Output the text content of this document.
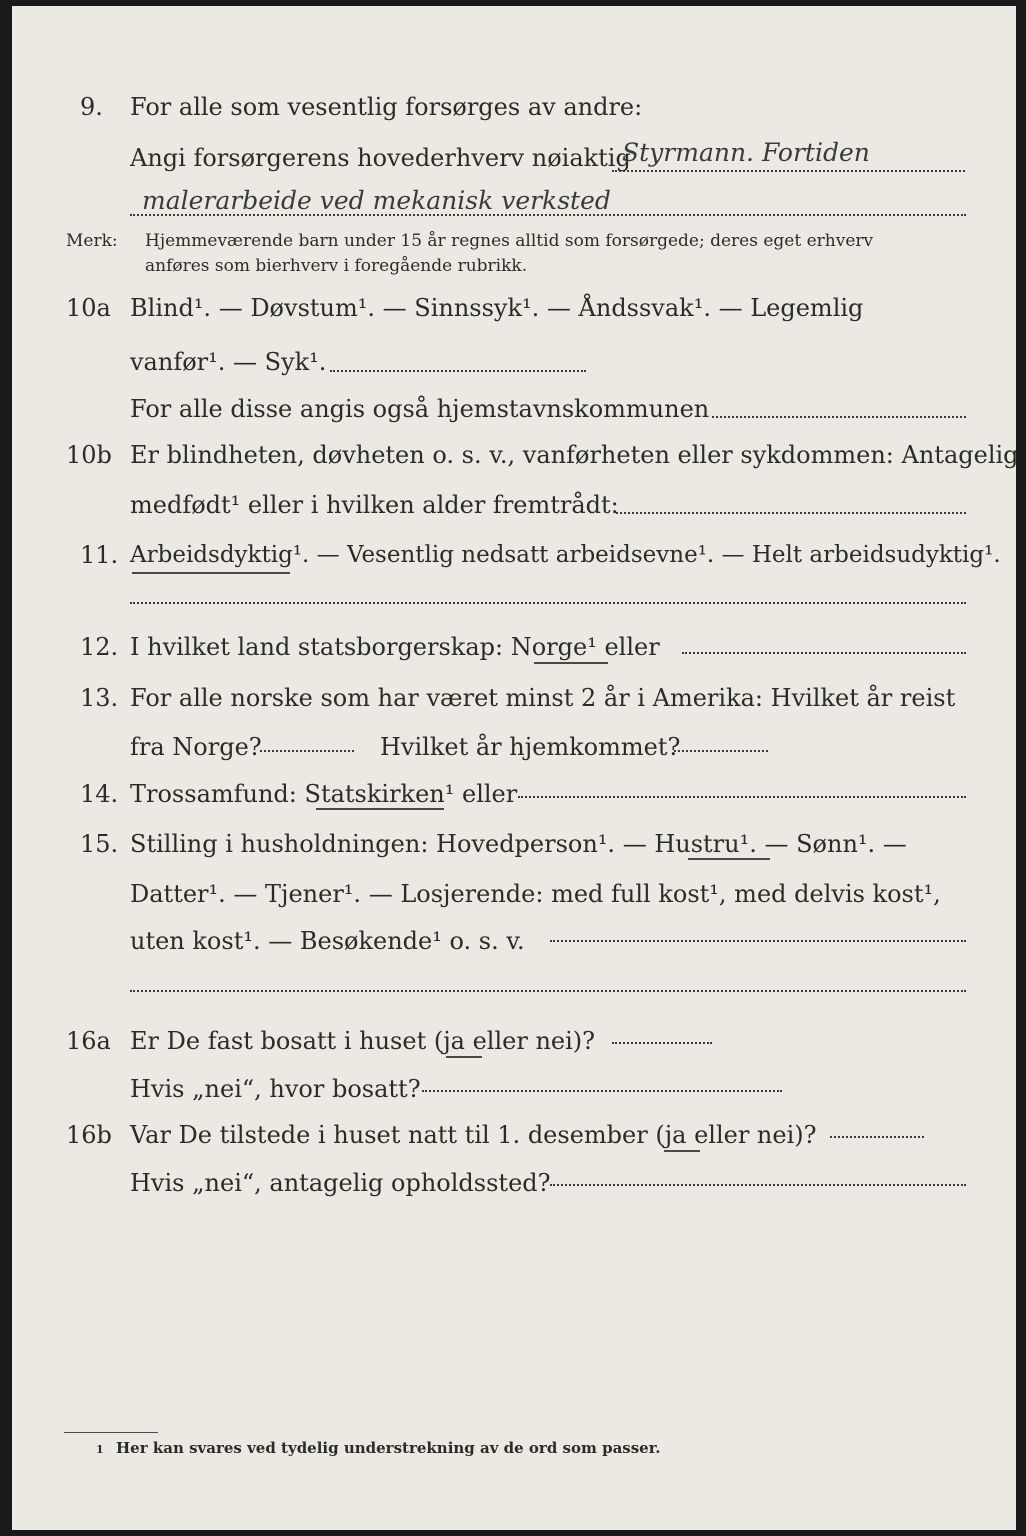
9. For alle som vesentlig forsørges av andre:
Angi forsørgerens hovederhverv nøiaktig
Styrmann. Fortiden
malerarbeide ved mekanisk verksted
Merk: Hjemmeværende barn under 15 år regnes alltid som forsørgede; deres eget erhverv
anføres som bierhverv i foregående rubrikk.
10a Blind¹. — Døvstum¹. — Sinnssyk¹. — Åndssvak¹. — Legemlig
vanfør¹. — Syk¹.
For alle disse angis også hjemstavnskommunen
10b Er blindheten, døvheten o. s. v., vanførheten eller sykdommen: Antagelig
medfødt¹ eller i hvilken alder fremtrådt:
11. Arbeidsdyktig¹. — Vesentlig nedsatt arbeidsevne¹. — Helt arbeidsudyktig¹.
12. I hvilket land statsborgerskap: Norge¹ eller
13. For alle norske som har været minst 2 år i Amerika: Hvilket år reist
fra Norge?	Hvilket år hjemkommet?
14. Trossamfund: Statskirken¹ eller
15. Stilling i husholdningen: Hovedperson¹. — Hustru¹. — Sønn¹. —
Datter¹. — Tjener¹. — Losjerende: med full kost¹, med delvis kost¹,
uten kost¹. — Besøkende¹ o. s. v.
16a Er De fast bosatt i huset (ja eller nei)?
Hvis „nei“, hvor bosatt?
16b Var De tilstede i huset natt til 1. desember (ja eller nei)?
Hvis „nei“, antagelig opholdssted?
1 Her kan svares ved tydelig understrekning av de ord som passer.
